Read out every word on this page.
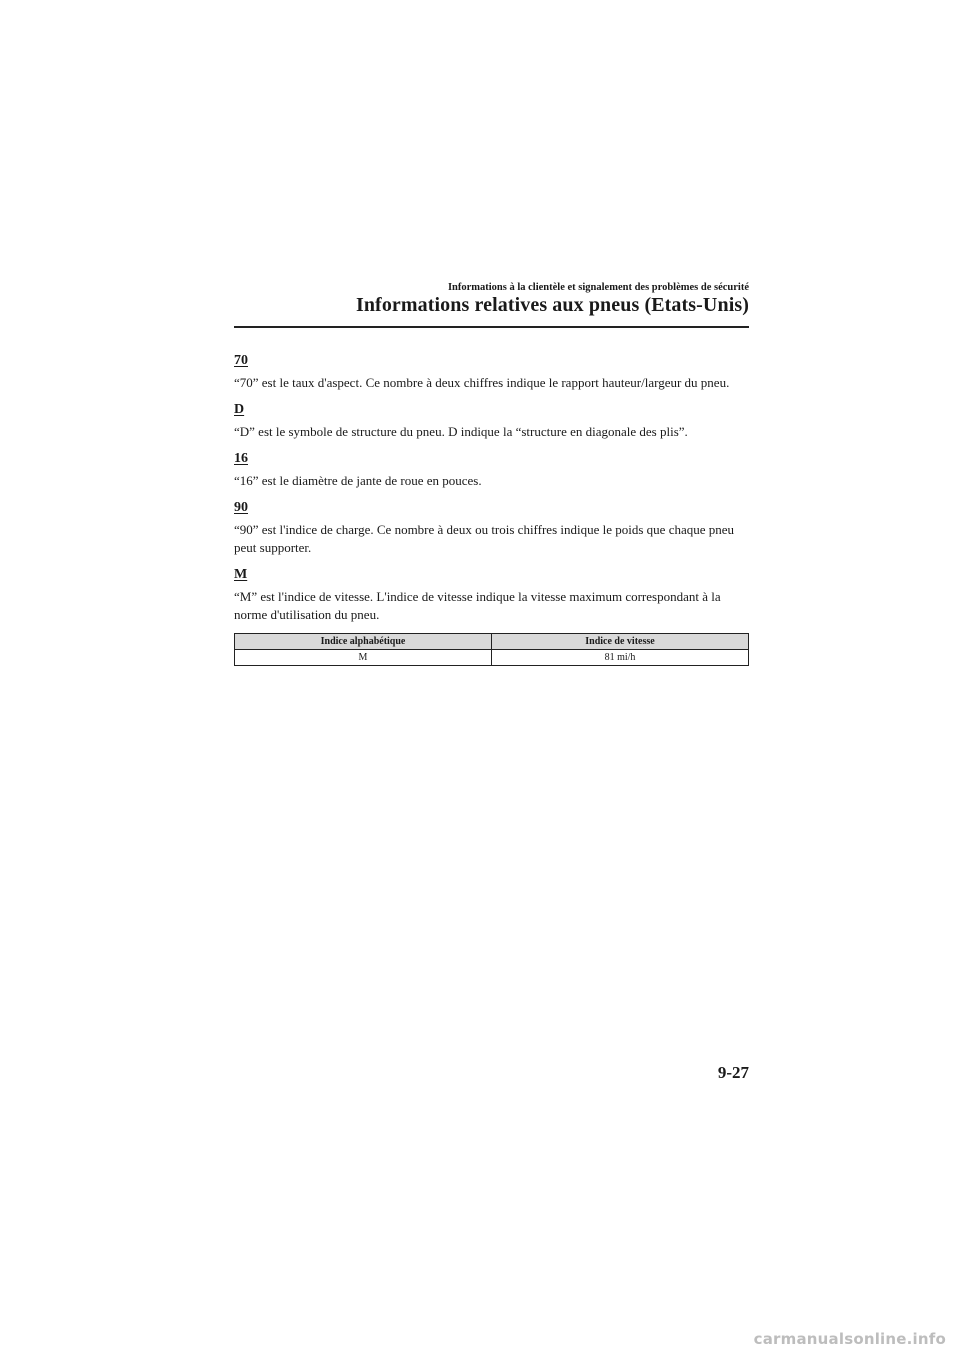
Informations à la clientèle et signalement des problèmes de sécurité
Informations relatives aux pneus (Etats-Unis)
70
“70” est le taux d'aspect. Ce nombre à deux chiffres indique le rapport hauteur/largeur du pneu.
D
“D” est le symbole de structure du pneu. D indique la “structure en diagonale des plis”.
16
“16” est le diamètre de jante de roue en pouces.
90
“90” est l'indice de charge. Ce nombre à deux ou trois chiffres indique le poids que chaque pneu peut supporter.
M
“M” est l'indice de vitesse. L'indice de vitesse indique la vitesse maximum correspondant à la norme d'utilisation du pneu.
Indice alphabétique	Indice de vitesse
M	81 mi/h
9-27
carmanualsonline.info
